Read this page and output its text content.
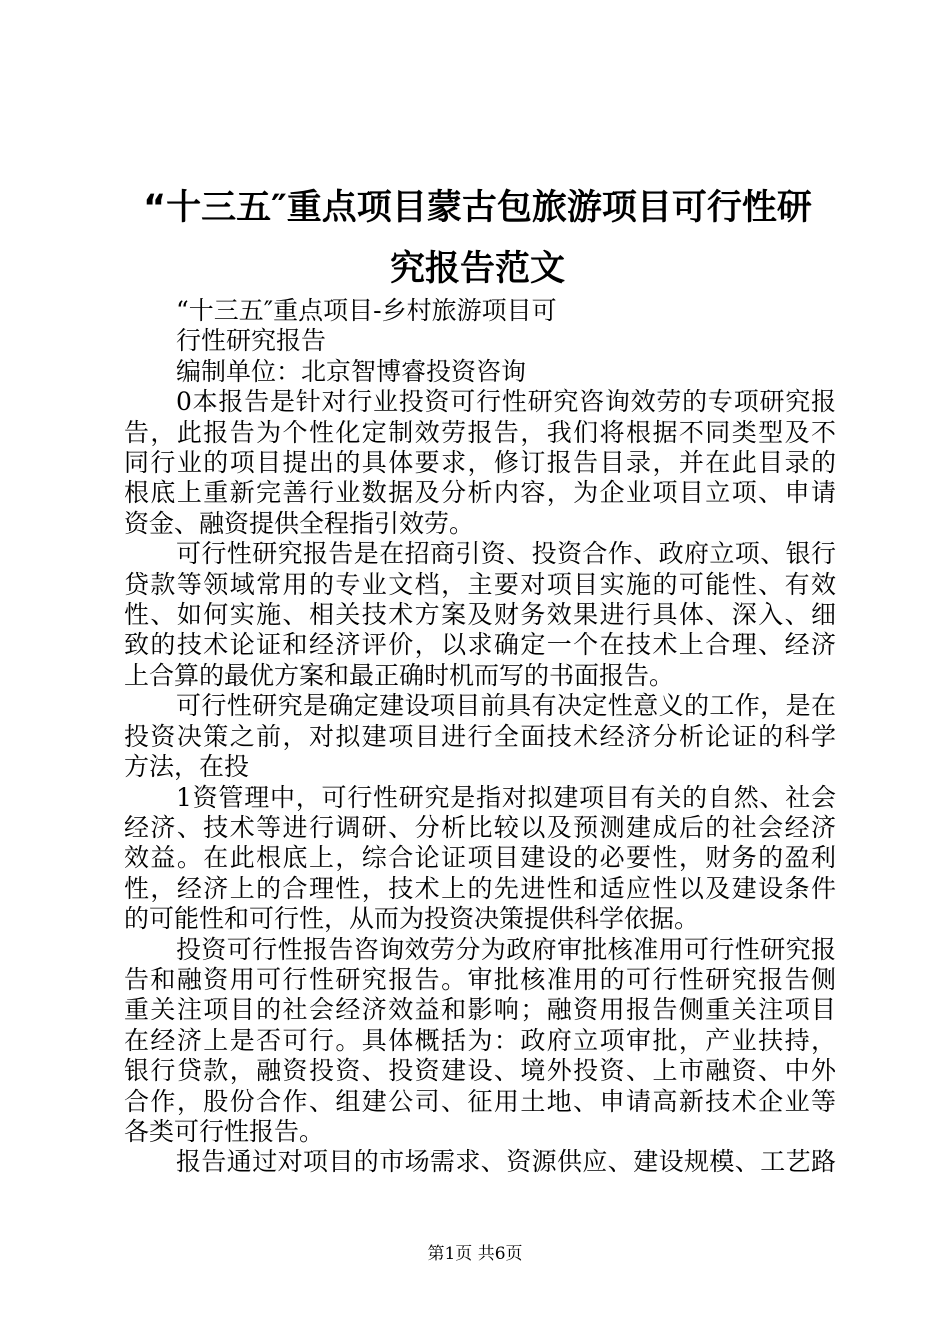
“十三五″重点项目蒙古包旅游项目可行性研
究报告范文

“十三五″重点项目-乡村旅游项目可

行性研究报告

编制单位：北京智博睿投资咨询

0本报告是针对行业投资可行性研究咨询效劳的专项研究报

告，此报告为个性化定制效劳报告，我们将根据不同类型及不

同行业的项目提出的具体要求，修订报告目录，并在此目录的

根底上重新完善行业数据及分析内容，为企业项目立项、申请

资金、融资提供全程指引效劳。

可行性研究报告是在招商引资、投资合作、政府立项、银行

贷款等领域常用的专业文档，主要对项目实施的可能性、有效

性、如何实施、相关技术方案及财务效果进行具体、深入、细

致的技术论证和经济评价，以求确定一个在技术上合理、经济

上合算的最优方案和最正确时机而写的书面报告。

可行性研究是确定建设项目前具有决定性意义的工作，是在

投资决策之前，对拟建项目进行全面技术经济分析论证的科学

方法，在投

1资管理中，可行性研究是指对拟建项目有关的自然、社会

经济、技术等进行调研、分析比较以及预测建成后的社会经济

效益。在此根底上，综合论证项目建设的必要性，财务的盈利

性，经济上的合理性，技术上的先进性和适应性以及建设条件

的可能性和可行性，从而为投资决策提供科学依据。

投资可行性报告咨询效劳分为政府审批核准用可行性研究报

告和融资用可行性研究报告。审批核准用的可行性研究报告侧

重关注项目的社会经济效益和影响；融资用报告侧重关注项目

在经济上是否可行。具体概括为：政府立项审批，产业扶持，

银行贷款，融资投资、投资建设、境外投资、上市融资、中外

合作，股份合作、组建公司、征用土地、申请高新技术企业等

各类可行性报告。

报告通过对项目的市场需求、资源供应、建设规模、工艺路

第1页 共6页
